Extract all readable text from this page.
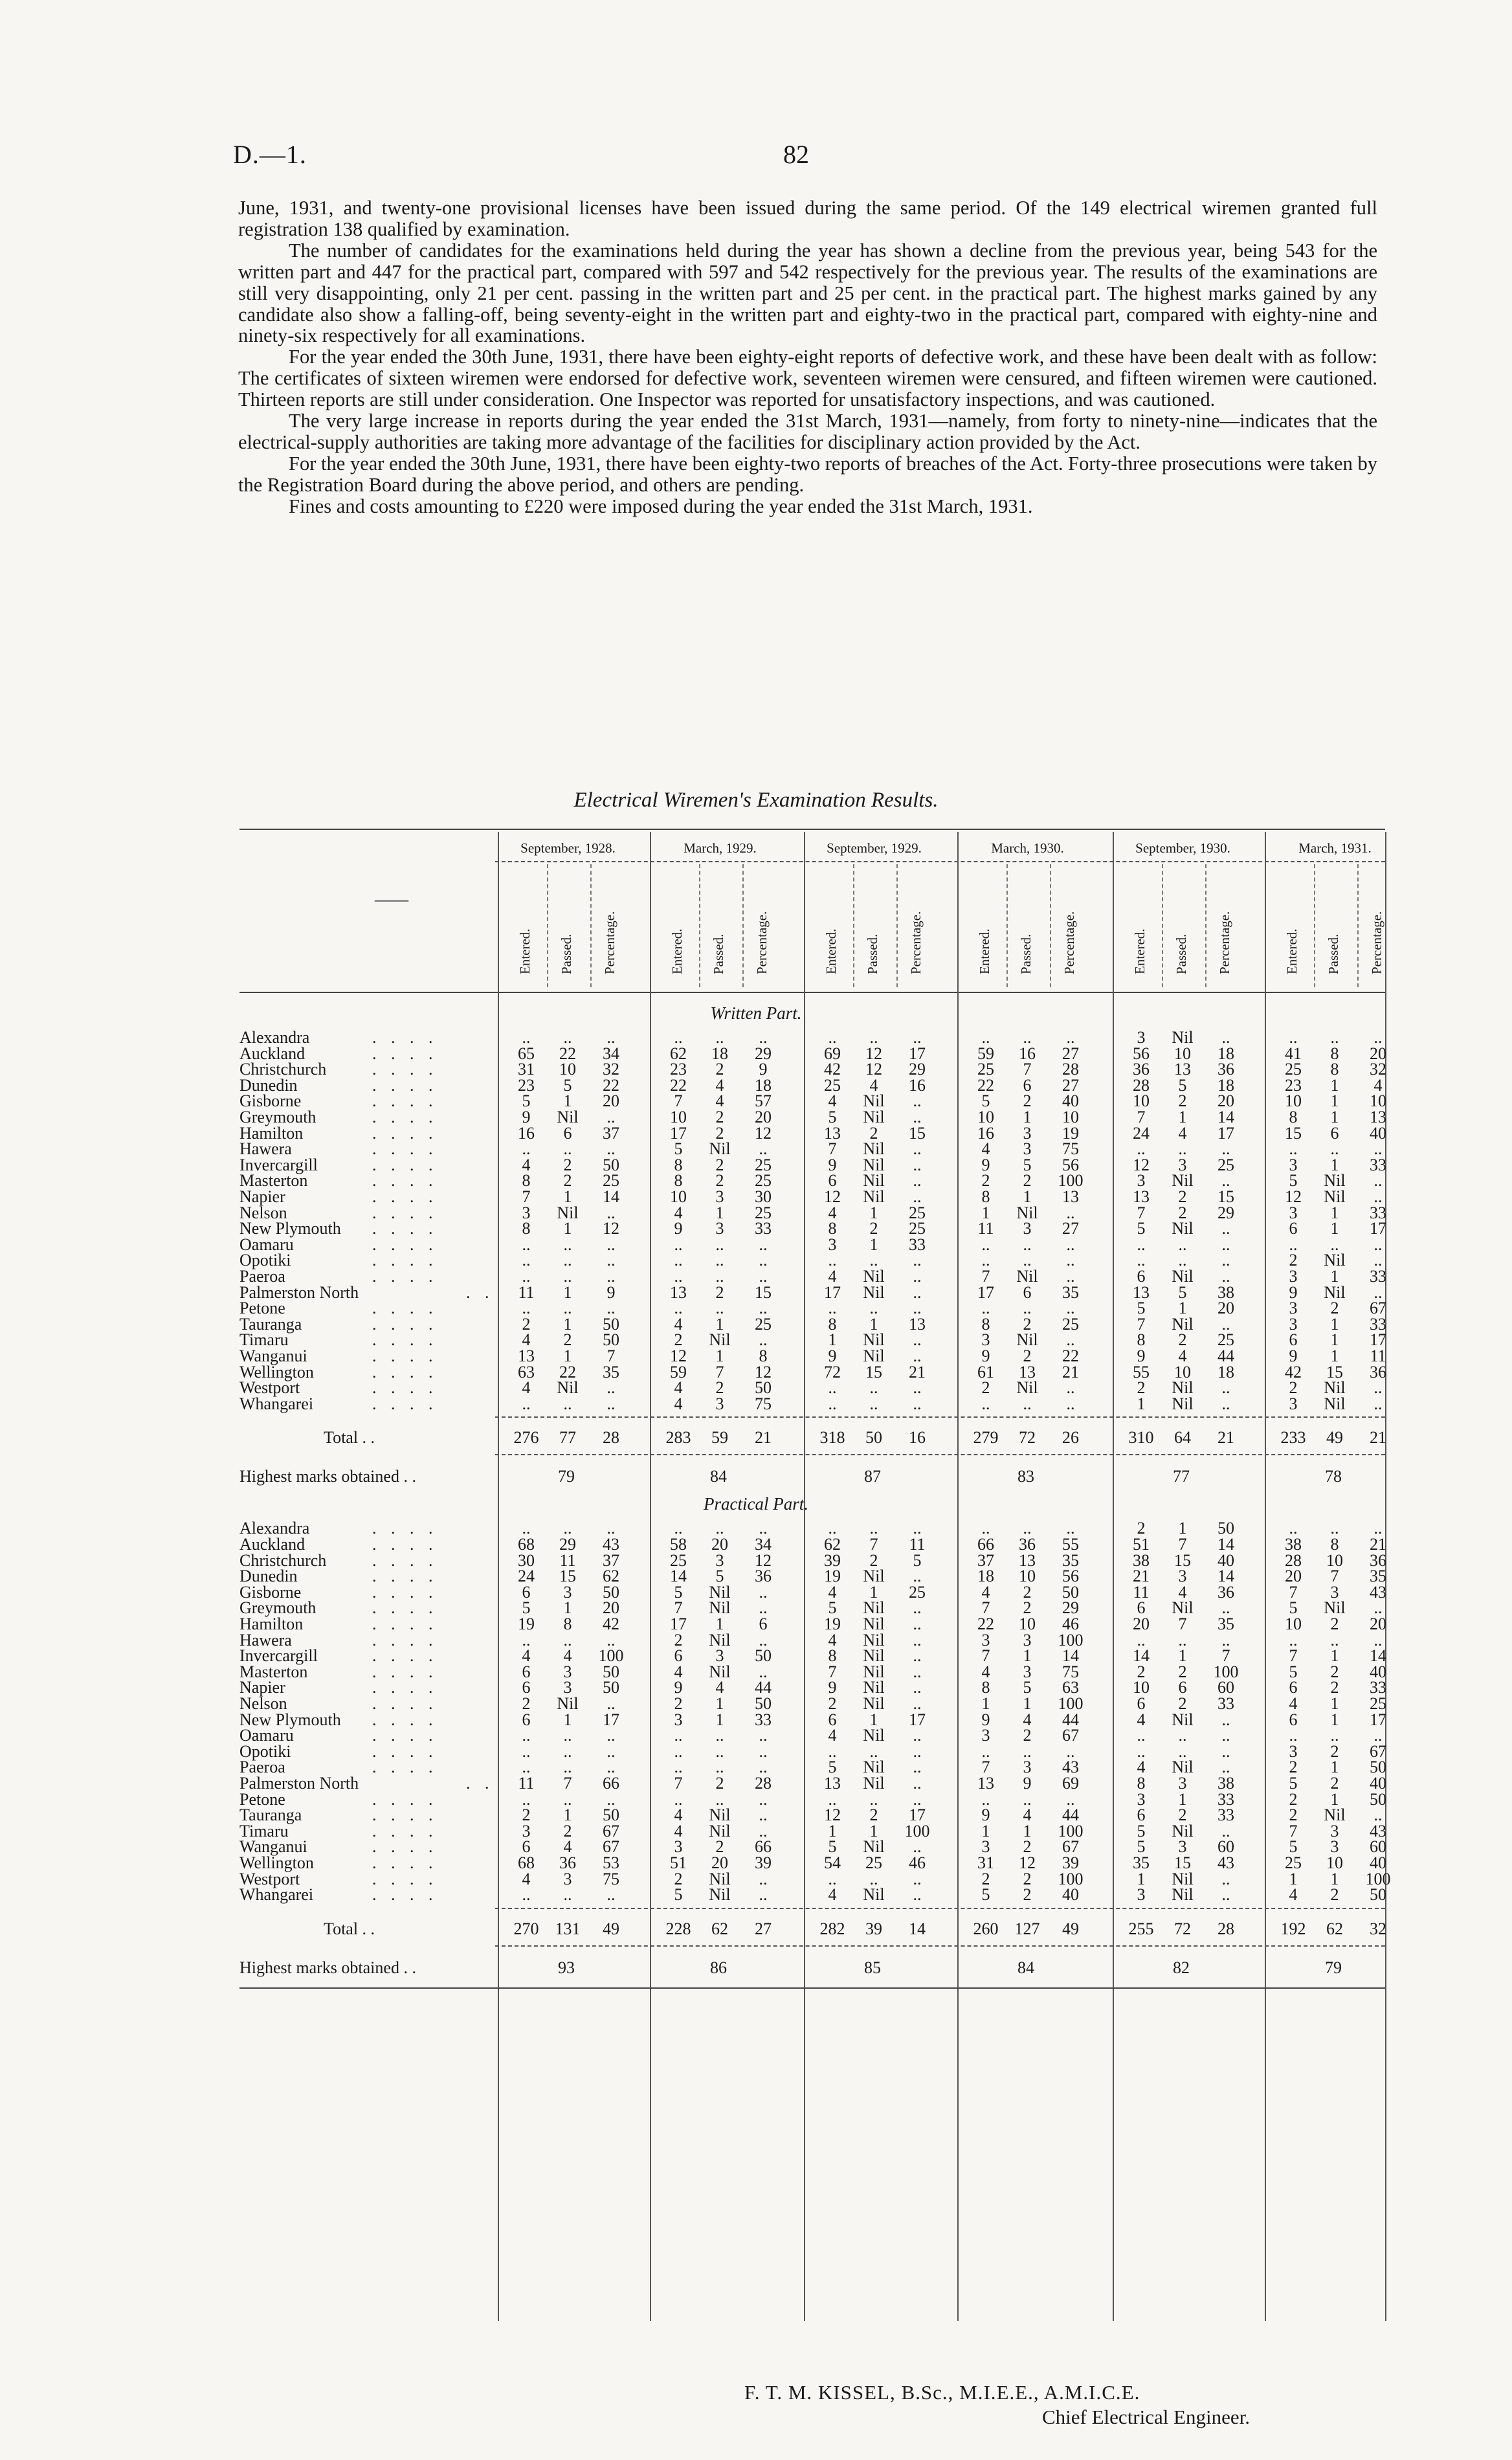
D.—1.	82

June, 1931, and twenty-one provisional licenses have been issued during the same period. Of the 149 electrical wiremen granted full registration 138 qualified by examination.

The number of candidates for the examinations held during the year has shown a decline from the previous year, being 543 for the written part and 447 for the practical part, compared with 597 and 542 respectively for the previous year. The results of the examinations are still very disappointing, only 21 per cent. passing in the written part and 25 per cent. in the practical part. The highest marks gained by any candidate also show a falling-off, being seventy-eight in the written part and eighty-two in the practical part, compared with eighty-nine and ninety-six respectively for all examinations.

For the year ended the 30th June, 1931, there have been eighty-eight reports of defective work, and these have been dealt with as follow: The certificates of sixteen wiremen were endorsed for defective work, seventeen wiremen were censured, and fifteen wiremen were cautioned. Thirteen reports are still under consideration. One Inspector was reported for unsatisfactory inspections, and was cautioned.

The very large increase in reports during the year ended the 31st March, 1931—namely, from forty to ninety-nine—indicates that the electrical-supply authorities are taking more advantage of the facilities for disciplinary action provided by the Act.

For the year ended the 30th June, 1931, there have been eighty-two reports of breaches of the Act. Forty-three prosecutions were taken by the Registration Board during the above period, and others are pending.

Fines and costs amounting to £220 were imposed during the year ended the 31st March, 1931.

Electrical Wiremen's Examination Results.
——
September, 1928.
Entered. Passed. Percentage.
March, 1929.
Entered. Passed. Percentage.
September, 1929.
Entered. Passed. Percentage.
March, 1930.
Entered. Passed. Percentage.
September, 1930.
Entered. Passed. Percentage.
March, 1931.
Entered. Passed. Percentage.
Written Part.
Alexandra	. . . .	..	..	..	..	..	..	..	..	..	..	..	..	3	Nil	..	..	..	..
Auckland	. . . .	65	22	34	62	18	29	69	12	17	59	16	27	56	10	18	41	8	20
Christchurch	. . . .	31	10	32	23	2	9	42	12	29	25	7	28	36	13	36	25	8	32
Dunedin	. . . .	23	5	22	22	4	18	25	4	16	22	6	27	28	5	18	23	1	4
Gisborne	. . . .	5	1	20	7	4	57	4	Nil	..	5	2	40	10	2	20	10	1	10
Greymouth	. . . .	9	Nil	..	10	2	20	5	Nil	..	10	1	10	7	1	14	8	1	13
Hamilton	. . . .	16	6	37	17	2	12	13	2	15	16	3	19	24	4	17	15	6	40
Hawera	. . . .	..	..	..	5	Nil	..	7	Nil	..	4	3	75	..	..	..	..	..	..
Invercargill	. . . .	4	2	50	8	2	25	9	Nil	..	9	5	56	12	3	25	3	1	33
Masterton	. . . .	8	2	25	8	2	25	6	Nil	..	2	2	100	3	Nil	..	5	Nil	..
Napier	. . . .	7	1	14	10	3	30	12	Nil	..	8	1	13	13	2	15	12	Nil	..
Nelson	. . . .	3	Nil	..	4	1	25	4	1	25	1	Nil	..	7	2	29	3	1	33
New Plymouth . . . .	8	1	12	9	3	33	8	2	25	11	3	27	5	Nil	..	6	1	17
Oamaru	. . . .	..	..	..	..	..	..	3	1	33	..	..	..	..	..	..	..	..	..
Opotiki	. . . .	..	..	..	..	..	..	..	..	..	..	..	..	..	..	..	2	Nil	..
Paeroa	. . . .	..	..	..	..	..	..	4	Nil	..	7	Nil	..	6	Nil	..	3	1	33
Palmerston North	. .	11	1	9	13	2	15	17	Nil	..	17	6	35	13	5	38	9	Nil	..
Petone	. . . .	..	..	..	..	..	..	..	..	..	..	..	..	5	1	20	3	2	67
Tauranga	. . . .	2	1	50	4	1	25	8	1	13	8	2	25	7	Nil	..	3	1	33
Timaru	. . . .	4	2	50	2	Nil	..	1	Nil	..	3	Nil	..	8	2	25	6	1	17
Wanganui	. . . .	13	1	7	12	1	8	9	Nil	..	9	2	22	9	4	44	9	1	11
Wellington	. . . .	63	22	35	59	7	12	72	15	21	61	13	21	55	10	18	42	15	36
Westport	. . . .	4	Nil	..	4	2	50	..	..	..	2	Nil	..	2	Nil	..	2	Nil	..
Whangarei	. . . .	..	..	..	4	3	75	..	..	..	..	..	..	1	Nil	..	3	Nil	..
Total . .	276	77	28	283	59	21	318	50	16	279	72	26	310	64	21	233	49	21
Highest marks obtained . .	79	84	87	83	77	78
Practical Part.
Alexandra	. . . .	..	..	..	..	..	..	..	..	..	..	..	..	2	1	50	..	..	..
Auckland	. . . .	68	29	43	58	20	34	62	7	11	66	36	55	51	7	14	38	8	21
Christchurch	. . . .	30	11	37	25	3	12	39	2	5	37	13	35	38	15	40	28	10	36
Dunedin	. . . .	24	15	62	14	5	36	19	Nil	..	18	10	56	21	3	14	20	7	35
Gisborne	. . . .	6	3	50	5	Nil	..	4	1	25	4	2	50	11	4	36	7	3	43
Greymouth	. . . .	5	1	20	7	Nil	..	5	Nil	..	7	2	29	6	Nil	..	5	Nil	..
Hamilton	. . . .	19	8	42	17	1	6	19	Nil	..	22	10	46	20	7	35	10	2	20
Hawera	. . . .	..	..	..	2	Nil	..	4	Nil	..	3	3	100	..	..	..	..	..	..
Invercargill	. . . .	4	4	100	6	3	50	8	Nil	..	7	1	14	14	1	7	7	1	14
Masterton	. . . .	6	3	50	4	Nil	..	7	Nil	..	4	3	75	2	2	100	5	2	40
Napier	. . . .	6	3	50	9	4	44	9	Nil	..	8	5	63	10	6	60	6	2	33
Nelson	. . . .	2	Nil	..	2	1	50	2	Nil	..	1	1	100	6	2	33	4	1	25
New Plymouth . . . .	6	1	17	3	1	33	6	1	17	9	4	44	4	Nil	..	6	1	17
Oamaru	. . . .	..	..	..	..	..	..	4	Nil	..	3	2	67	..	..	..	..	..	..
Opotiki	. . . .	..	..	..	..	..	..	..	..	..	..	..	..	..	..	..	3	2	67
Paeroa	. . . .	..	..	..	..	..	..	5	Nil	..	7	3	43	4	Nil	..	2	1	50
Palmerston North	. .	11	7	66	7	2	28	13	Nil	..	13	9	69	8	3	38	5	2	40
Petone	. . . .	..	..	..	..	..	..	..	..	..	..	..	..	3	1	33	2	1	50
Tauranga	. . . .	2	1	50	4	Nil	..	12	2	17	9	4	44	6	2	33	2	Nil	..
Timaru	. . . .	3	2	67	4	Nil	..	1	1	100	1	1	100	5	Nil	..	7	3	43
Wanganui	. . . .	6	4	67	3	2	66	5	Nil	..	3	2	67	5	3	60	5	3	60
Wellington	. . . .	68	36	53	51	20	39	54	25	46	31	12	39	35	15	43	25	10	40
Westport	. . . .	4	3	75	2	Nil	..	..	..	..	2	2	100	1	Nil	..	1	1	100
Whangarei	. . . .	..	..	..	5	Nil	..	4	Nil	..	5	2	40	3	Nil	..	4	2	50
Total . .	270 131	49	228	62	27	282	39	14	260 127	49	255	72	28	192	62	32
Highest marks obtained . .	93	86	85	84	82	79
F. T. M. KISSEL, B.Sc., M.I.E.E., A.M.I.C.E.
Chief Electrical Engineer.
